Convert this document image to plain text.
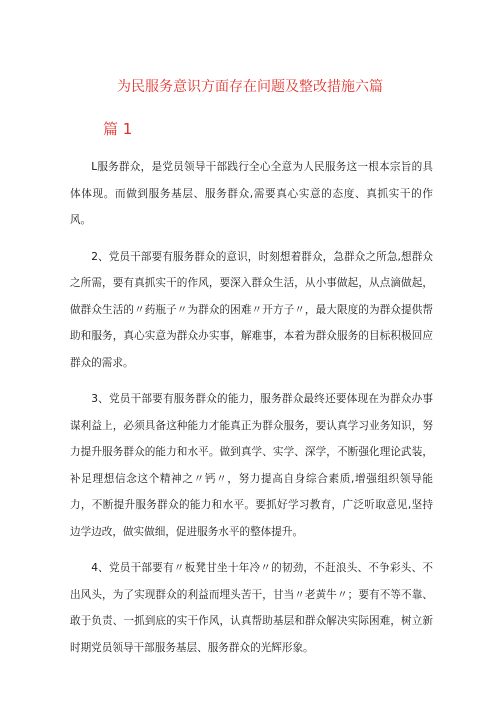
为民服务意识方面存在问题及整改措施六篇
篇 1

L服务群众，是党员领导干部践行全心全意为人民服务这一根本宗旨的具体体现。而做到服务基层、服务群众,需要真心实意的态度、真抓实干的作风。

2、党员干部要有服务群众的意识，时刻想着群众，急群众之所急,想群众之所需，要有真抓实干的作风，要深入群众生活，从小事做起，从点滴做起，做群众生活的〃药瓶子〃为群众的困难〃开方子〃，最大限度的为群众提供帮助和服务，真心实意为群众办实事，解难事，本着为群众服务的目标积极回应群众的需求。

3、党员干部要有服务群众的能力，服务群众最终还要体现在为群众办事谋利益上，必须具备这种能力才能真正为群众服务，要认真学习业务知识，努力提升服务群众的能力和水平。做到真学、实学、深学，不断强化理论武装，补足理想信念这个精神之〃钙〃，努力提高自身综合素质,增强组织领导能力，不断提升服务群众的能力和水平。要抓好学习教育，广泛听取意见,坚持边学边改，做实做细，促进服务水平的整体提升。

4、党员干部要有〃板凳甘坐十年冷〃的韧劲，不赶浪头、不争彩头、不出风头，为了实现群众的利益而埋头苦干，甘当〃老黄牛〃；要有不等不靠、敢于负责、一抓到底的实干作风，认真帮助基层和群众解决实际困难，树立新时期党员领导干部服务基层、服务群众的光辉形象。
